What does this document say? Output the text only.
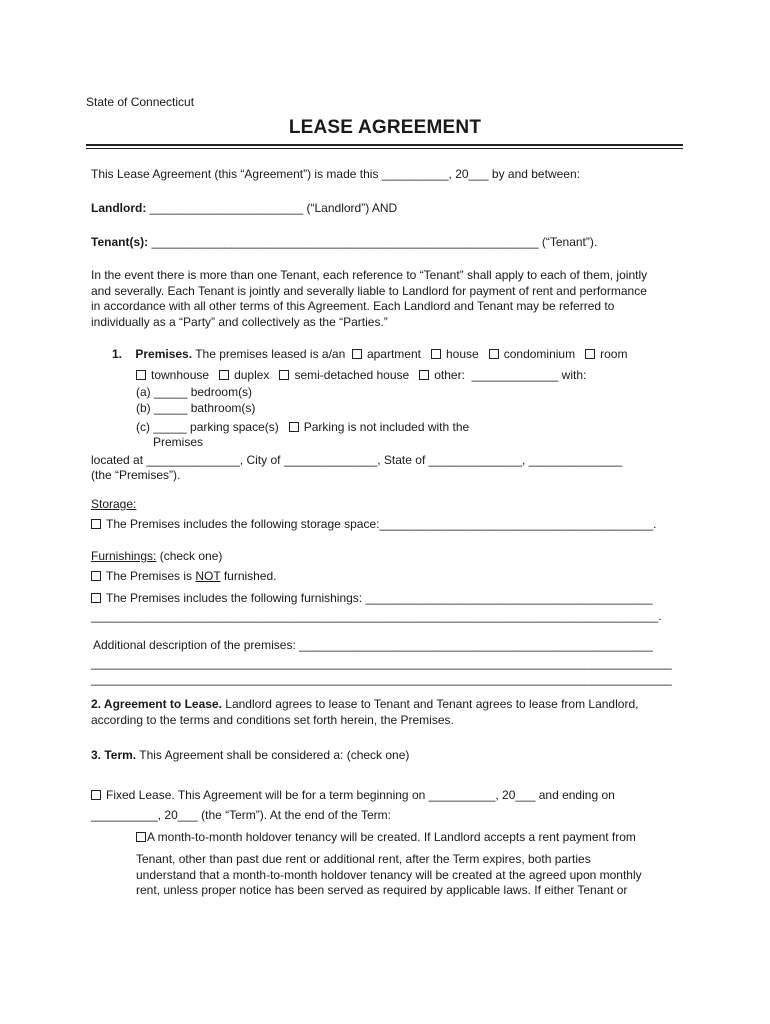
State of Connecticut
LEASE AGREEMENT
This Lease Agreement (this “Agreement”) is made this __________, 20___ by and between:
Landlord: _______________________ (“Landlord”) AND
Tenant(s): __________________________________________________________ (“Tenant”).
In the event there is more than one Tenant, each reference to “Tenant” shall apply to each of them, jointly
and severally. Each Tenant is jointly and severally liable to Landlord for payment of rent and performance
in accordance with all other terms of this Agreement. Each Landlord and Tenant may be referred to
individually as a “Party” and collectively as the “Parties.”
1. Premises. The premises leased is a/an apartment house condominium room
townhouse duplex semi-detached house other: _____________ with:
(a) _____ bedroom(s)
(b) _____ bathroom(s)
(c) _____ parking space(s) Parking is not included with the
Premises
located at ______________, City of ______________, State of ______________, ______________
(the “Premises”).
Storage:
The Premises includes the following storage space:_________________________________________.
Furnishings: (check one)
The Premises is NOT furnished.
The Premises includes the following furnishings: ___________________________________________
_____________________________________________________________________________________.
Additional description of the premises: _____________________________________________________
_______________________________________________________________________________________
_______________________________________________________________________________________
2. Agreement to Lease. Landlord agrees to lease to Tenant and Tenant agrees to lease from Landlord,
according to the terms and conditions set forth herein, the Premises.
3. Term. This Agreement shall be considered a: (check one)
Fixed Lease. This Agreement will be for a term beginning on __________, 20___ and ending on
__________, 20___ (the “Term”). At the end of the Term:
A month-to-month holdover tenancy will be created. If Landlord accepts a rent payment from
Tenant, other than past due rent or additional rent, after the Term expires, both parties
understand that a month-to-month holdover tenancy will be created at the agreed upon monthly
rent, unless proper notice has been served as required by applicable laws. If either Tenant or
